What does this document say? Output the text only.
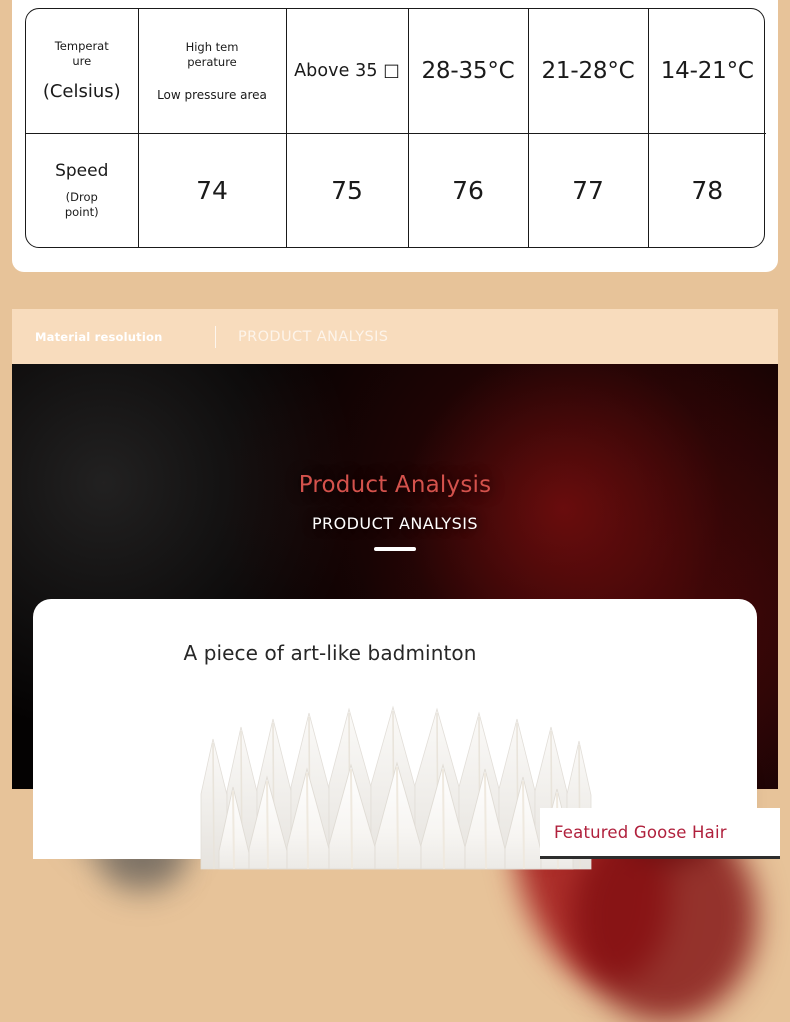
Temperat
ure
(Celsius)	High tem
perature
Low pressure area	Above 35 □	28-35°C	21-28°C	14-21°C

Speed
(Drop
point)	74	75	76	77	78
Material resolution	PRODUCT ANALYSIS
Product Analysis
PRODUCT ANALYSIS
A piece of art-like badminton
Featured Goose Hair
